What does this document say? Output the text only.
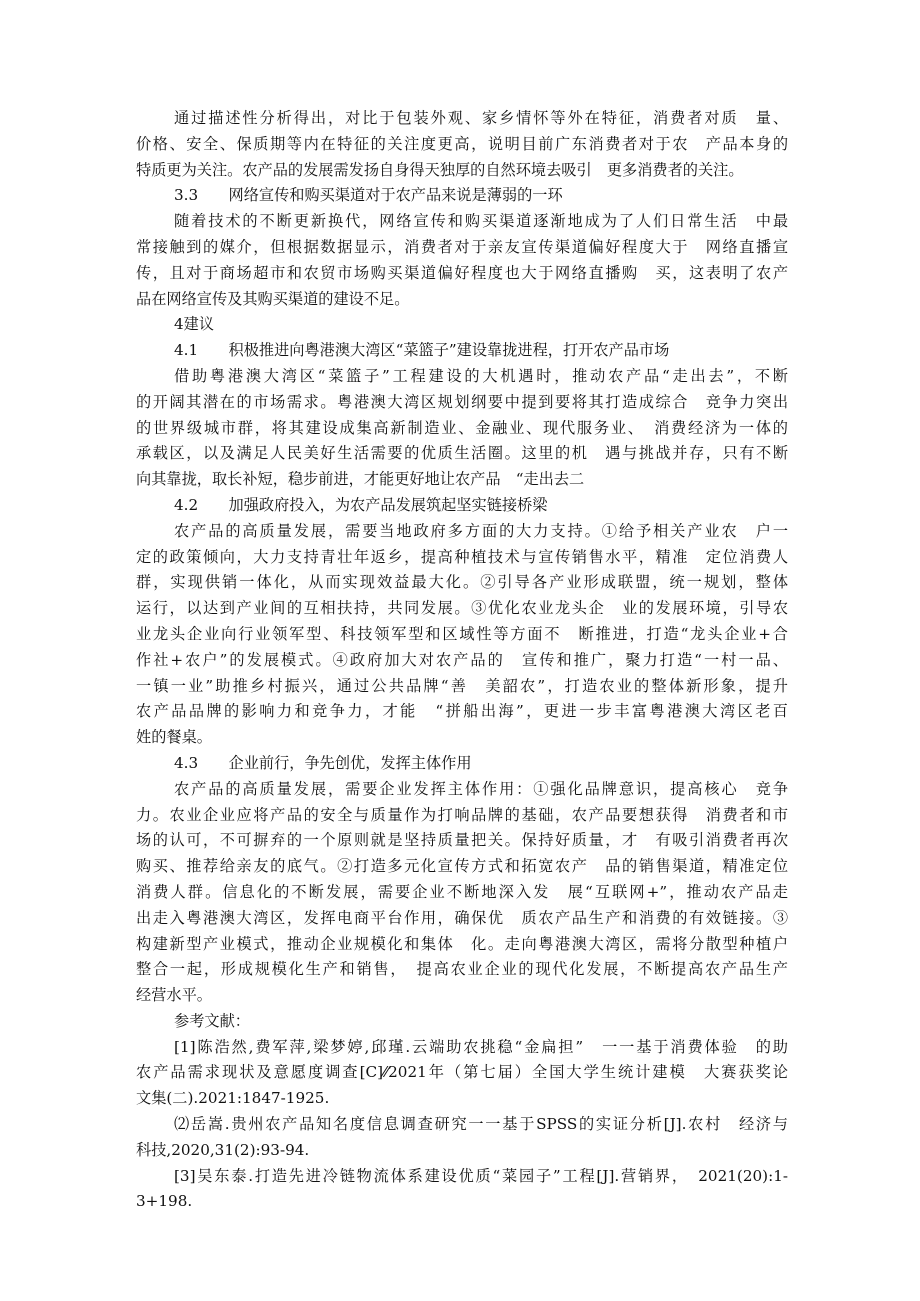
通过描述性分析得出，对比于包装外观、家乡情怀等外在特征，消费者对质　量、
价格、安全、保质期等内在特征的关注度更高，说明目前广东消费者对于农　产品本身的
特质更为关注。农产品的发展需发扬自身得天独厚的自然环境去吸引　更多消费者的关注。
3.3　　网络宣传和购买渠道对于农产品来说是薄弱的一环
随着技术的不断更新换代，网络宣传和购买渠道逐渐地成为了人们日常生活　中最
常接触到的媒介，但根据数据显示，消费者对于亲友宣传渠道偏好程度大于　网络直播宣
传，且对于商场超市和农贸市场购买渠道偏好程度也大于网络直播购　买，这表明了农产
品在网络宣传及其购买渠道的建设不足。
4建议
4.1　　积极推进向粤港澳大湾区“菜篮子”建设靠拢进程，打开农产品市场
借助粤港澳大湾区“菜篮子”工程建设的大机遇时，推动农产品“走出去”，不断
的开阔其潜在的市场需求。粤港澳大湾区规划纲要中提到要将其打造成综合　竞争力突出
的世界级城市群，将其建设成集高新制造业、金融业、现代服务业、　消费经济为一体的
承载区，以及满足人民美好生活需要的优质生活圈。这里的机　遇与挑战并存，只有不断
向其靠拢，取长补短，稳步前进，才能更好地让农产品　“走出去二
4.2　　加强政府投入，为农产品发展筑起坚实链接桥梁
农产品的高质量发展，需要当地政府多方面的大力支持。①给予相关产业农　户一
定的政策倾向，大力支持青壮年返乡，提高种植技术与宣传销售水平，精准　定位消费人
群，实现供销一体化，从而实现效益最大化。②引导各产业形成联盟，统一规划，整体
运行，以达到产业间的互相扶持，共同发展。③优化农业龙头企　业的发展环境，引导农
业龙头企业向行业领军型、科技领军型和区域性等方面不　断推进，打造“龙头企业+合
作社+农户”的发展模式。④政府加大对农产品的　宣传和推广，聚力打造“一村一品、
一镇一业”助推乡村振兴，通过公共品牌“善　美韶农”，打造农业的整体新形象，提升
农产品品牌的影响力和竞争力，才能　“拼船出海”，更进一步丰富粤港澳大湾区老百
姓的餐桌。
4.3　　企业前行，争先创优，发挥主体作用
农产品的高质量发展，需要企业发挥主体作用：①强化品牌意识，提高核心　竞争
力。农业企业应将产品的安全与质量作为打响品牌的基础，农产品要想获得　消费者和市
场的认可，不可摒弃的一个原则就是坚持质量把关。保持好质量，才　有吸引消费者再次
购买、推荐给亲友的底气。②打造多元化宣传方式和拓宽农产　品的销售渠道，精准定位
消费人群。信息化的不断发展，需要企业不断地深入发　展“互联网+”，推动农产品走
出走入粤港澳大湾区，发挥电商平台作用，确保优　质农产品生产和消费的有效链接。③
构建新型产业模式，推动企业规模化和集体　化。走向粤港澳大湾区，需将分散型种植户
整合一起，形成规模化生产和销售，　提高农业企业的现代化发展，不断提高农产品生产
经营水平。
参考文献：
[1]陈浩然,费军萍,梁梦婷,邱瑾.云端助农挑稳“金扁担”　一一基于消费体验　的助
农产品需求现状及意愿度调查[C]⁄⁄2021年（第七届）全国大学生统计建模　大赛获奖论
文集(二).2021:1847-1925.
⑵岳嵩.贵州农产品知名度信息调查研究一一基于SPSS的实证分析[J].农村　经济与
科技,2020,31(2):93-94.
[3]吴东泰.打造先进冷链物流体系建设优质“菜园子”工程[J].营销界，　2021(20):1-
3+198.
